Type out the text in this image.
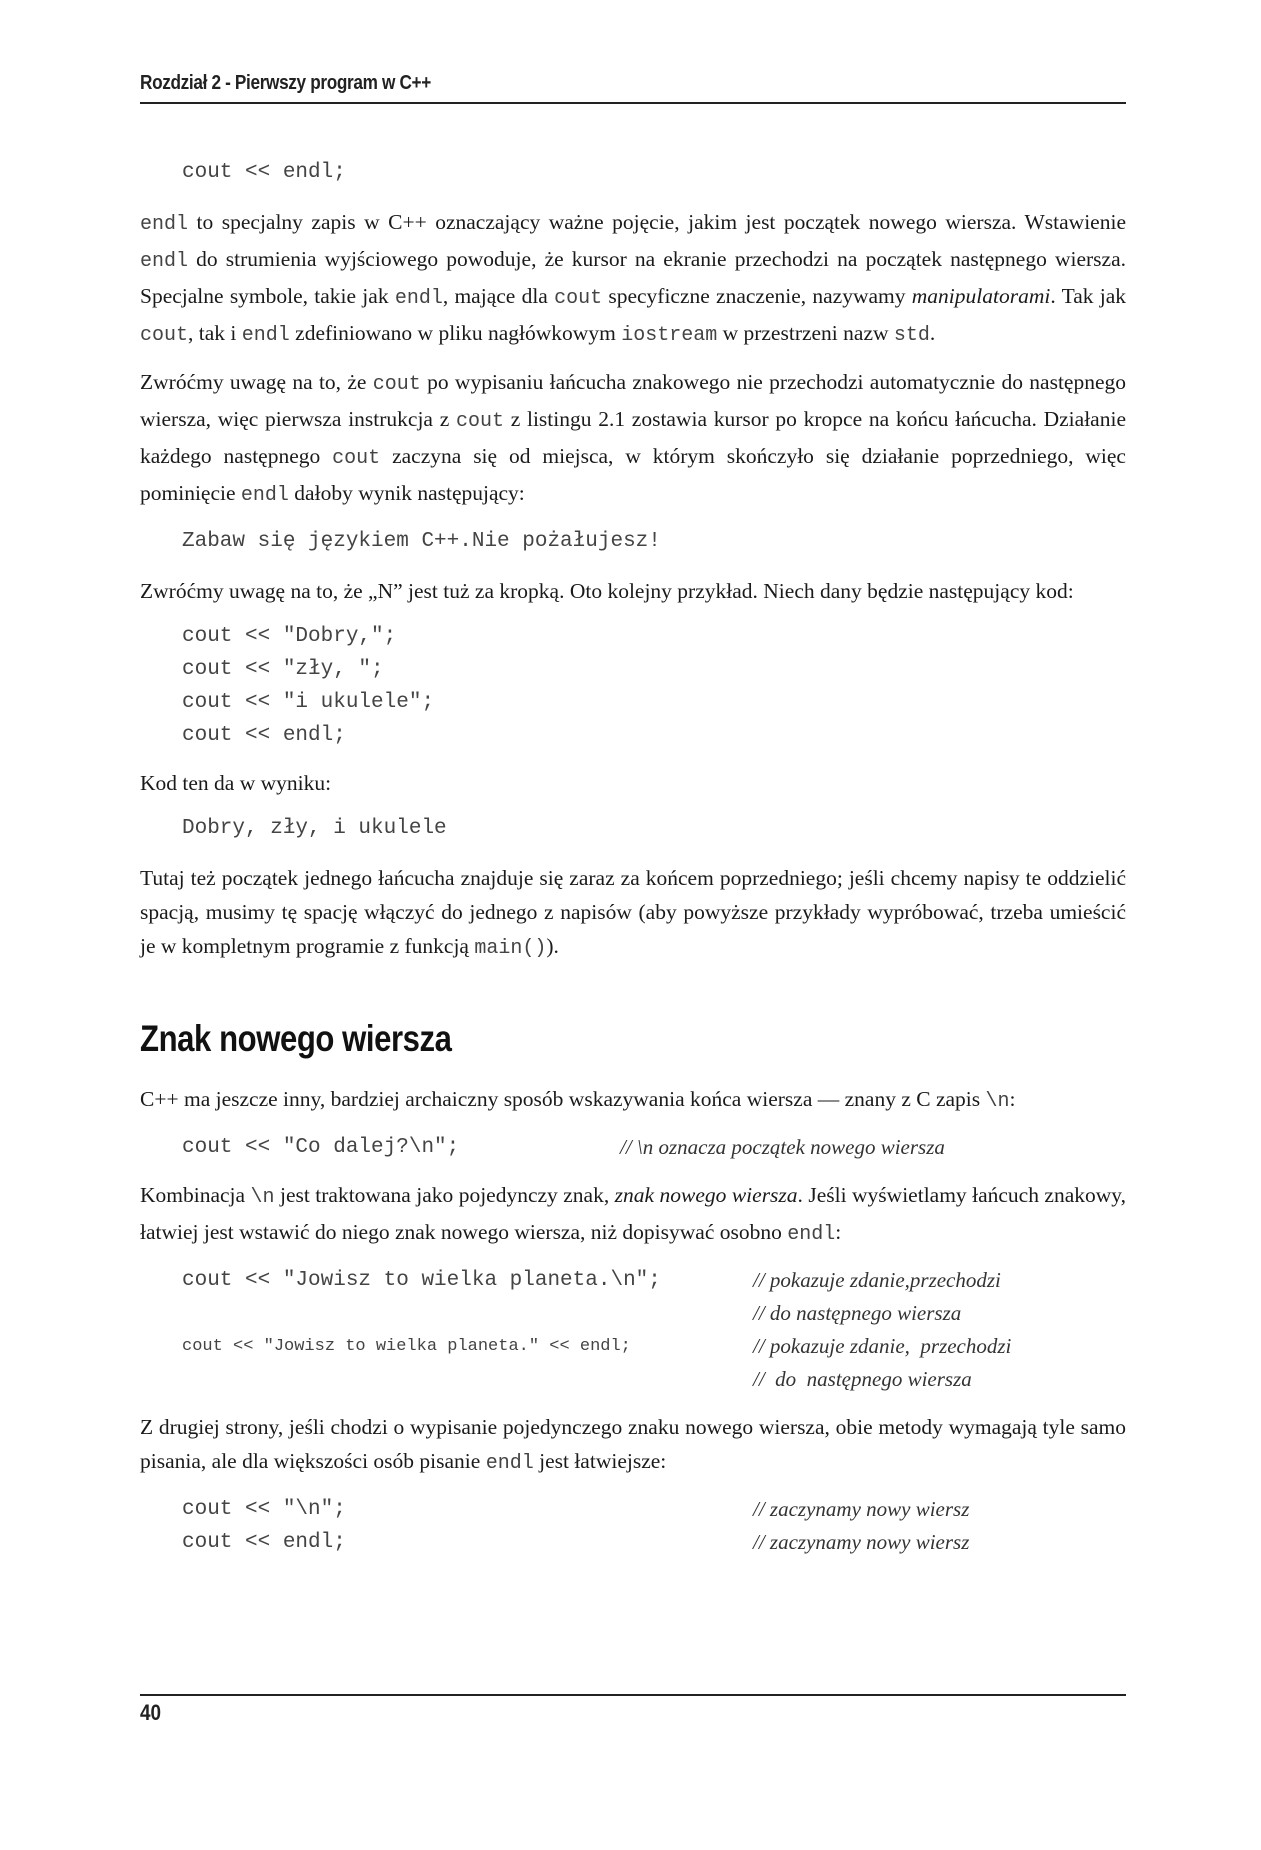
Rozdział 2 - Pierwszy program w C++
cout << endl;

endl to specjalny zapis w C++ oznaczający ważne pojęcie, jakim jest początek nowego wiersza. Wstawienie endl do strumienia wyjściowego powoduje, że kursor na ekranie przechodzi na początek następnego wiersza. Specjalne symbole, takie jak endl, mające dla cout specyficzne znaczenie, nazywamy manipulatorami. Tak jak cout, tak i endl zdefiniowano w pliku nagłówkowym iostream w przestrzeni nazw std.

Zwróćmy uwagę na to, że cout po wypisaniu łańcucha znakowego nie przechodzi automatycznie do następnego wiersza, więc pierwsza instrukcja z cout z listingu 2.1 zostawia kursor po kropce na końcu łańcucha. Działanie każdego następnego cout zaczyna się od miejsca, w którym skończyło się działanie poprzedniego, więc pominięcie endl dałoby wynik następujący:

Zabaw się językiem C++.Nie pożałujesz!

Zwróćmy uwagę na to, że „N” jest tuż za kropką. Oto kolejny przykład. Niech dany będzie następujący kod:

cout << "Dobry,";
cout << "zły, ";
cout << "i ukulele";
cout << endl;

Kod ten da w wyniku:

Dobry, zły, i ukulele

Tutaj też początek jednego łańcucha znajduje się zaraz za końcem poprzedniego; jeśli chcemy napisy te oddzielić spacją, musimy tę spację włączyć do jednego z napisów (aby powyższe przykłady wypróbować, trzeba umieścić je w kompletnym programie z funkcją main()).

Znak nowego wiersza

C++ ma jeszcze inny, bardziej archaiczny sposób wskazywania końca wiersza — znany z C zapis \n:

cout << "Co dalej?\n";	// \n oznacza początek nowego wiersza

Kombinacja \n jest traktowana jako pojedynczy znak, znak nowego wiersza. Jeśli wyświetlamy łańcuch znakowy, łatwiej jest wstawić do niego znak nowego wiersza, niż dopisywać osobno endl:

cout << "Jowisz to wielka planeta.\n";	// pokazuje zdanie,przechodzi
// do następnego wiersza
cout << "Jowisz to wielka planeta." << endl;	// pokazuje zdanie,  przechodzi
//  do  następnego wiersza

Z drugiej strony, jeśli chodzi o wypisanie pojedynczego znaku nowego wiersza, obie metody wymagają tyle samo pisania, ale dla większości osób pisanie endl jest łatwiejsze:

cout << "\n";	// zaczynamy nowy wiersz
cout << endl;	// zaczynamy nowy wiersz
40
